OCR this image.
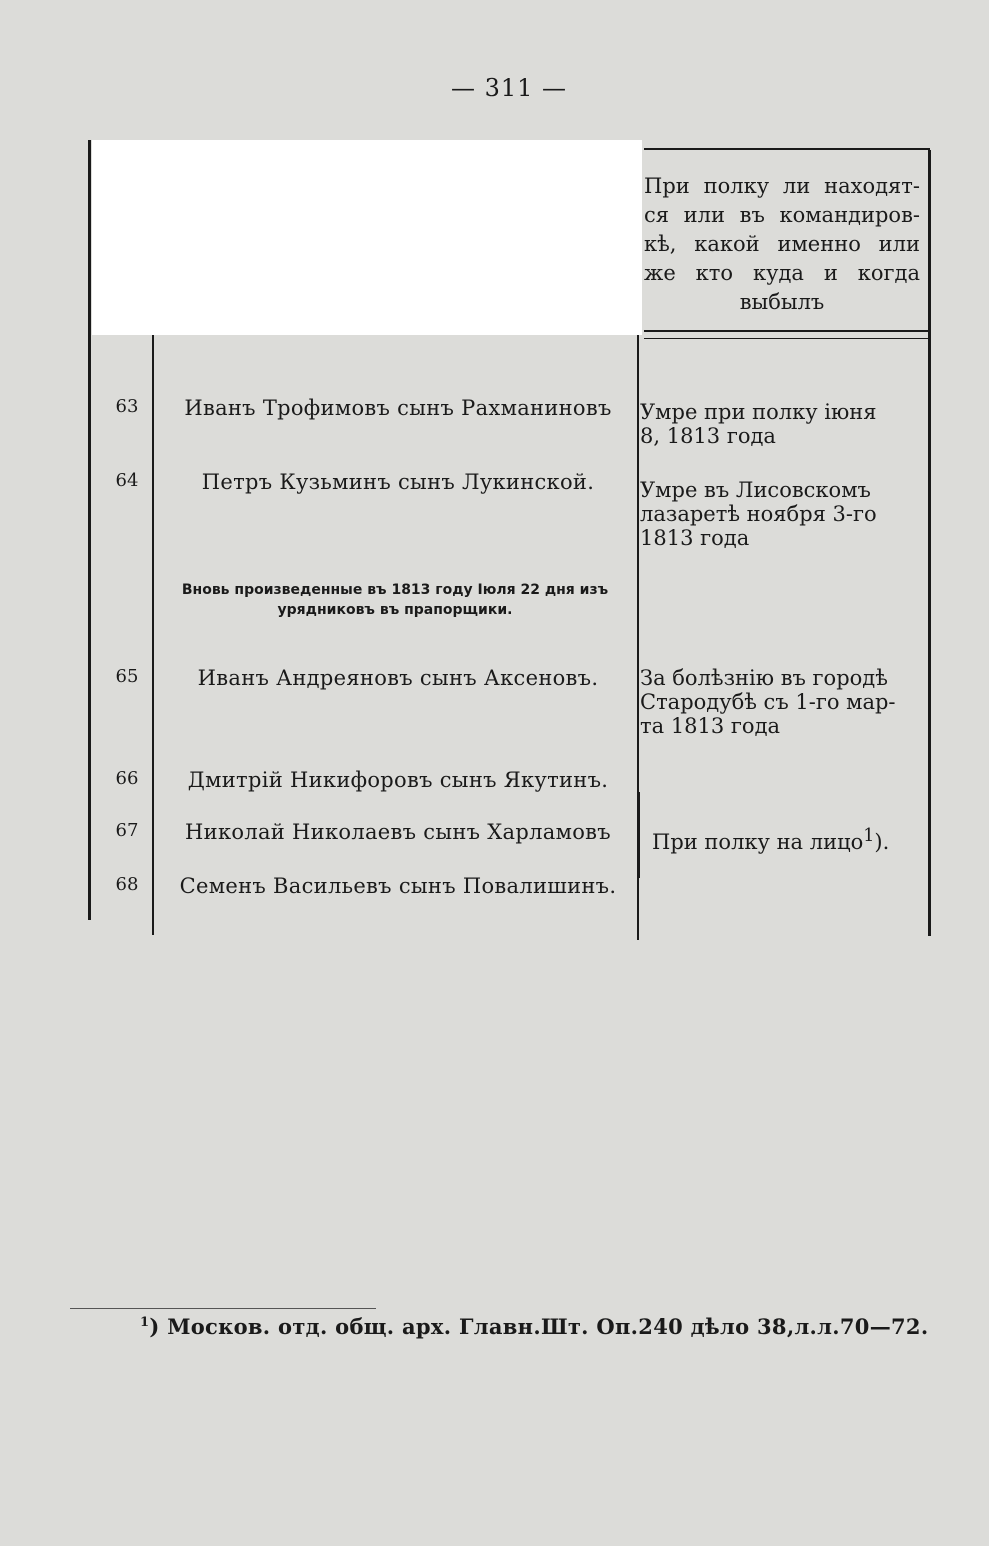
— 311 —
При полку ли находят-
ся или въ командиров-
кѣ, какой именно или
же кто куда и когда
выбылъ
63	Иванъ Трофимовъ сынъ Рахманиновъ	Умре при полку iюня
8, 1813 года
64	Петръ Кузьминъ сынъ Лукинской.	Умре въ Лисовскомъ
лазаретѣ ноября 3-го
1813 года
Вновь произведенные въ 1813 году Iюля 22 дня изъ
урядниковъ въ прапорщики.
65	Иванъ Андреяновъ сынъ Аксеновъ.	За болѣзнiю въ городѣ
Стародубѣ съ 1-го мар-
та 1813 года
66	Дмитрiй Никифоровъ сынъ Якутинъ.
67	Николай Николаевъ сынъ Харламовъ
68	Семенъ Васильевъ сынъ Повалишинъ.
При полку на лицо$^1$).
$^1$) Москов. отд. общ. арх. Главн.Шт. Оп.240 дѣло 38,л.л.70—72.
